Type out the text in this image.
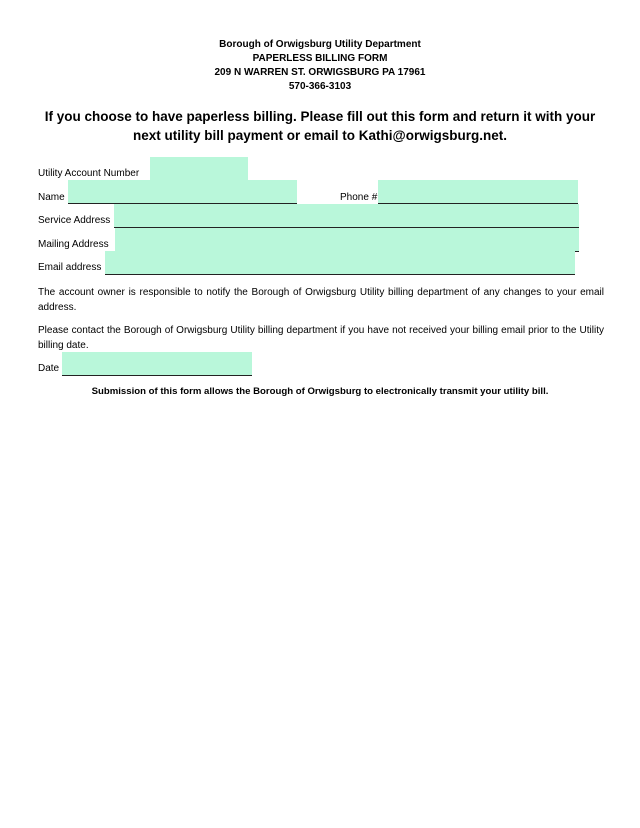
Borough of Orwigsburg Utility Department
PAPERLESS BILLING FORM
209 N WARREN ST. ORWIGSBURG PA 17961
570-366-3103
If you choose to have paperless billing. Please fill out this form and return it with your next utility bill payment or email to Kathi@orwigsburg.net.
Utility Account Number
Name	Phone #
Service Address
Mailing Address
Email address
The account owner is responsible to notify the Borough of Orwigsburg Utility billing department of any changes to your email address.
Please contact the Borough of Orwigsburg Utility billing department if you have not received your billing email prior to the Utility billing date.
Date
Submission of this form allows the Borough of Orwigsburg to electronically transmit your utility bill.
